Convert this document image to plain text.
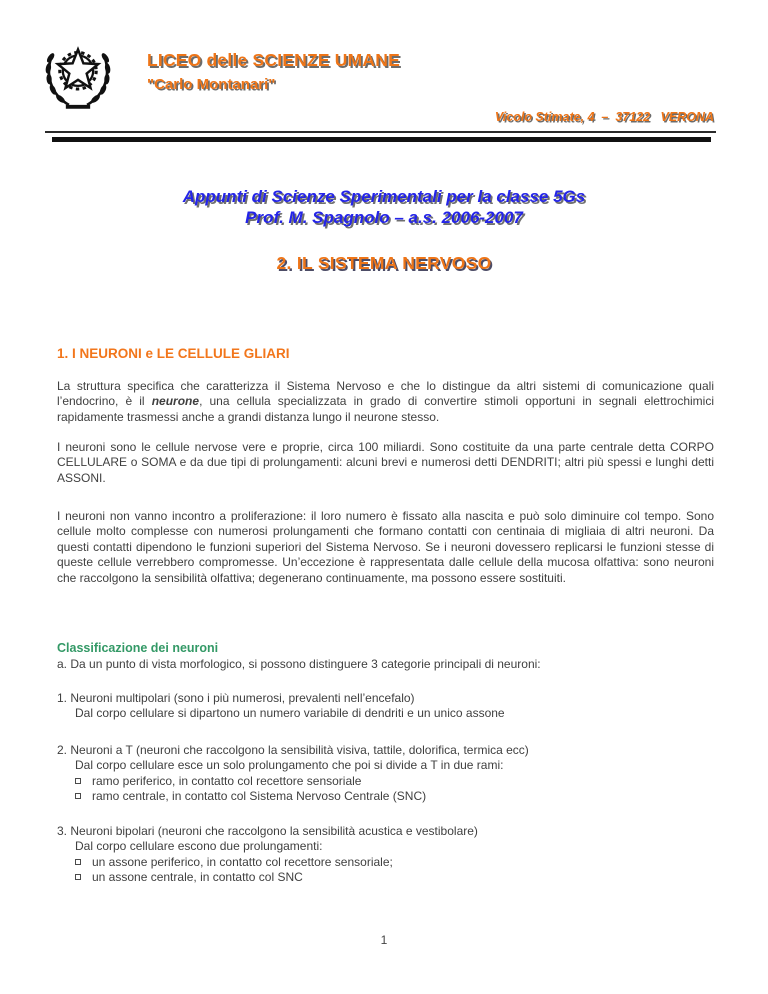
LICEO delle SCIENZE UMANE
"Carlo Montanari"
Vicolo Stimate, 4  –  37122   VERONA
Appunti di Scienze Sperimentali per la classe 5Gs
Prof. M. Spagnolo – a.s. 2006-2007
2. IL SISTEMA NERVOSO
1. I NEURONI e LE CELLULE GLIARI

La struttura specifica che caratterizza il Sistema Nervoso e che lo distingue da altri sistemi di comunicazione quali l’endocrino, è il neurone, una cellula specializzata in grado di convertire stimoli opportuni in segnali elettrochimici rapidamente trasmessi anche a grandi distanza lungo il neurone stesso.

I neuroni sono le cellule nervose vere e proprie, circa 100 miliardi. Sono costituite da una parte centrale detta CORPO CELLULARE o SOMA e da due tipi di prolungamenti: alcuni brevi e numerosi detti DENDRITI; altri più spessi e lunghi detti ASSONI.

I neuroni non vanno incontro a proliferazione: il loro numero è fissato alla nascita e può solo diminuire col tempo. Sono cellule molto complesse con numerosi prolungamenti che formano contatti con centinaia di migliaia di altri neuroni. Da questi contatti dipendono le funzioni superiori del Sistema Nervoso. Se i neuroni dovessero replicarsi le funzioni stesse di queste cellule verrebbero compromesse. Un’eccezione è rappresentata dalle cellule della mucosa olfattiva: sono neuroni che raccolgono la sensibilità olfattiva; degenerano continuamente, ma possono essere sostituiti.

Classificazione dei neuroni
a. Da un punto di vista morfologico, si possono distinguere 3 categorie principali di neuroni:
1. Neuroni multipolari (sono i più numerosi, prevalenti nell’encefalo)
Dal corpo cellulare si dipartono un numero variabile di dendriti e un unico assone
2. Neuroni a T (neuroni che raccolgono la sensibilità visiva, tattile, dolorifica, termica ecc)
Dal corpo cellulare esce un solo prolungamento che poi si divide a T in due rami:
ramo periferico, in contatto col recettore sensoriale
ramo centrale, in contatto col Sistema Nervoso Centrale (SNC)
3. Neuroni bipolari (neuroni che raccolgono la sensibilità acustica e vestibolare)
Dal corpo cellulare escono due prolungamenti:
un assone periferico, in contatto col recettore sensoriale;
un assone centrale, in contatto col SNC
1
